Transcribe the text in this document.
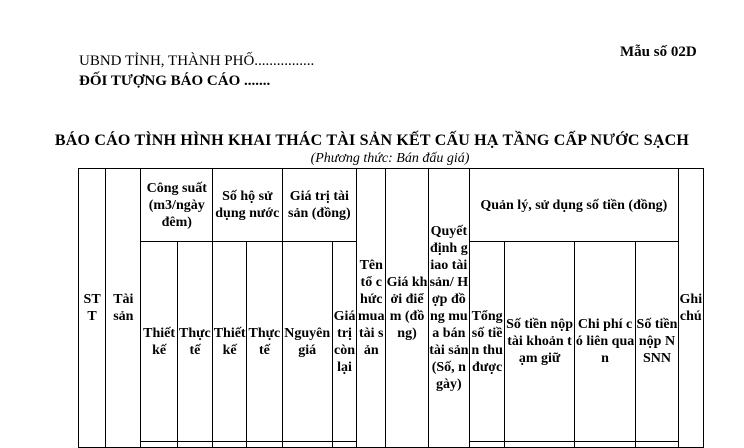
Mẫu số 02D
UBND TỈNH, THÀNH PHỐ................
ĐỐI TƯỢNG BÁO CÁO .......
BÁO CÁO TÌNH HÌNH KHAI THÁC TÀI SẢN KẾT CẤU HẠ TẦNG CẤP NƯỚC SẠCH
(Phương thức: Bán đấu giá)
STT	Tài sản	Công suất (m3/ngày đêm)		Số hộ sử dụng nước		Giá trị tài sản (đồng)		Tên tổ chức mua tài sản	Giá khởi điểm (đồng)	Quyết định giao tài sản/ Hợp đồng mua bán tài sản (Số, ngày)	Quản lý, sử dụng số tiền (đồng)				Ghi chú
		Thiết kế	Thực tế	Thiết kế	Thực tế	Nguyên giá	Giá trị còn lại				Tổng số tiền thu được	Số tiền nộp tài khoản tạm giữ	Chi phí có liên quan	Số tiền nộp NSNN	
